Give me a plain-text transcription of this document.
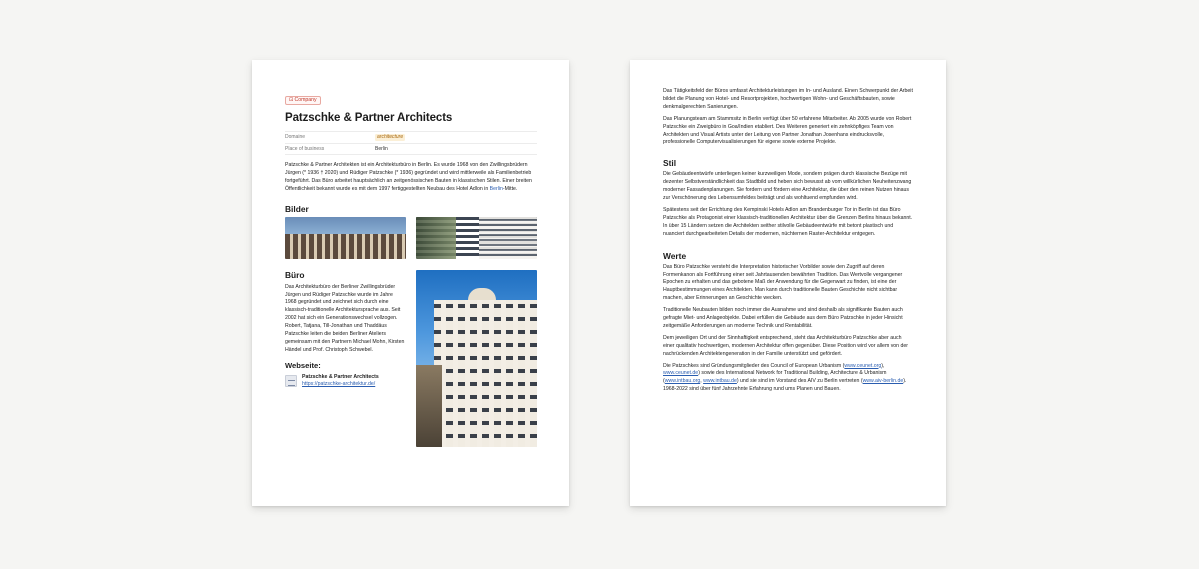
⊡ Company
Patzschke & Partner Architects
Domaine	architecture
Place of business	Berlin

Patzschke & Partner Architekten ist ein Architekturbüro in Berlin. Es wurde 1968 von den Zwillingsbrüdern Jürgen (* 1936 † 2020) und Rüdiger Patzschke (* 1936) gegründet und wird mittlerweile als Familienbetrieb fortgeführt. Das Büro arbeitet hauptsächlich an zeitgenössischen Bauten in klassischen Stilen. Einer breiten Öffentlichkeit bekannt wurde es mit dem 1997 fertiggestellten Neubau des Hotel Adlon in Berlin-Mitte.

Bilder
Büro

Das Architekturbüro der Berliner Zwillingsbrüder Jürgen und Rüdiger Patzschke wurde im Jahre 1968 gegründet und zeichnet sich durch eine klassisch-traditionelle Architektursprache aus. Seit 2002 hat sich ein Generationswechsel vollzogen. Robert, Tatjana, Till-Jonathan und Thaddäus Patzschke leiten die beiden Berliner Ateliers gemeinsam mit den Partnern Michael Mohn, Kirsten Händel und Prof. Christoph Schwebel.

Webseite:
Patzschke & Partner Architects
https://patzschke-architektur.de/

Das Tätigkeitsfeld der Büros umfasst Architekturleistungen im In- und Ausland. Einen Schwerpunkt der Arbeit bildet die Planung von Hotel- und Resortprojekten, hochwertigen Wohn- und Geschäftsbauten, sowie denkmalgerechten Sanierungen.

Das Planungsteam am Stammsitz in Berlin verfügt über 50 erfahrene Mitarbeiter. Ab 2005 wurde von Robert Patzschke ein Zweigbüro in Goa/Indien etabliert. Des Weiteren generiert ein zehnköpfiges Team von Architekten und Visual Artists unter der Leitung von Partner Jonathan Josenhans eindrucksvolle, professionelle Computervisualisierungen für eigene sowie externe Projekte.

Stil

Die Gebäudeentwürfe unterliegen keiner kurzweiligen Mode, sondern prägen durch klassische Bezüge mit dezenter Selbstverständlichkeit das Stadtbild und heben sich bewusst ab vom willkürlichen Neuheitenzwang moderner Fassadenplanungen. Sie fordern und fördern eine Architektur, die über den reinen Nutzen hinaus zur Verschönerung des Lebensumfeldes beiträgt und als wohltuend empfunden wird.

Spätestens seit der Errichtung des Kempinski Hotels Adlon am Brandenburger Tor in Berlin ist das Büro Patzschke als Protagonist einer klassisch-traditionellen Architektur über die Grenzen Berlins hinaus bekannt. In über 15 Ländern setzen die Architekten seither stilvolle Gebäudeentwürfe mit betont plastisch und nuanciert durchgearbeiteten Details der modernen, nüchternen Raster-Architektur entgegen.

Werte

Das Büro Patzschke versteht die Interpretation historischer Vorbilder sowie den Zugriff auf deren Formenkanon als Fortführung einer seit Jahrtausenden bewährten Tradition. Das Wertvolle vergangener Epochen zu erhalten und das gebotene Maß der Anwendung für die Gegenwart zu finden, ist eine der Hauptbestimmungen eines Architekten. Man kann durch traditionelle Bauten Geschichte nicht sichtbar machen, aber Erinnerungen an Geschichte wecken.

Traditionelle Neubauten bilden noch immer die Ausnahme und sind deshalb als signifikante Bauten auch gefragte Miet- und Anlageobjekte. Dabei erfüllen die Gebäude aus dem Büro Patzschke in jeder Hinsicht zeitgemäße Anforderungen an moderne Technik und Rentabilität.

Dem jeweiligen Ort und der Sinnhaftigkeit entsprechend, steht das Architekturbüro Patzschke aber auch einer qualitativ hochwertigen, modernen Architektur offen gegenüber. Diese Position wird vor allem von der nachrückenden Architektengeneration in der Familie unterstützt und gefördert.

Die Patzschkes sind Gründungsmitglieder des Council of European Urbanism (www.ceunet.org), www.ceunet.de) sowie des International Network for Traditional Building, Architecture & Urbanism (www.intbau.org, www.intbau.de) und sie sind im Vorstand des AIV zu Berlin vertreten (www.aiv-berlin.de). 1968-2022 sind über fünf Jahrzehnte Erfahrung rund ums Planen und Bauen.
